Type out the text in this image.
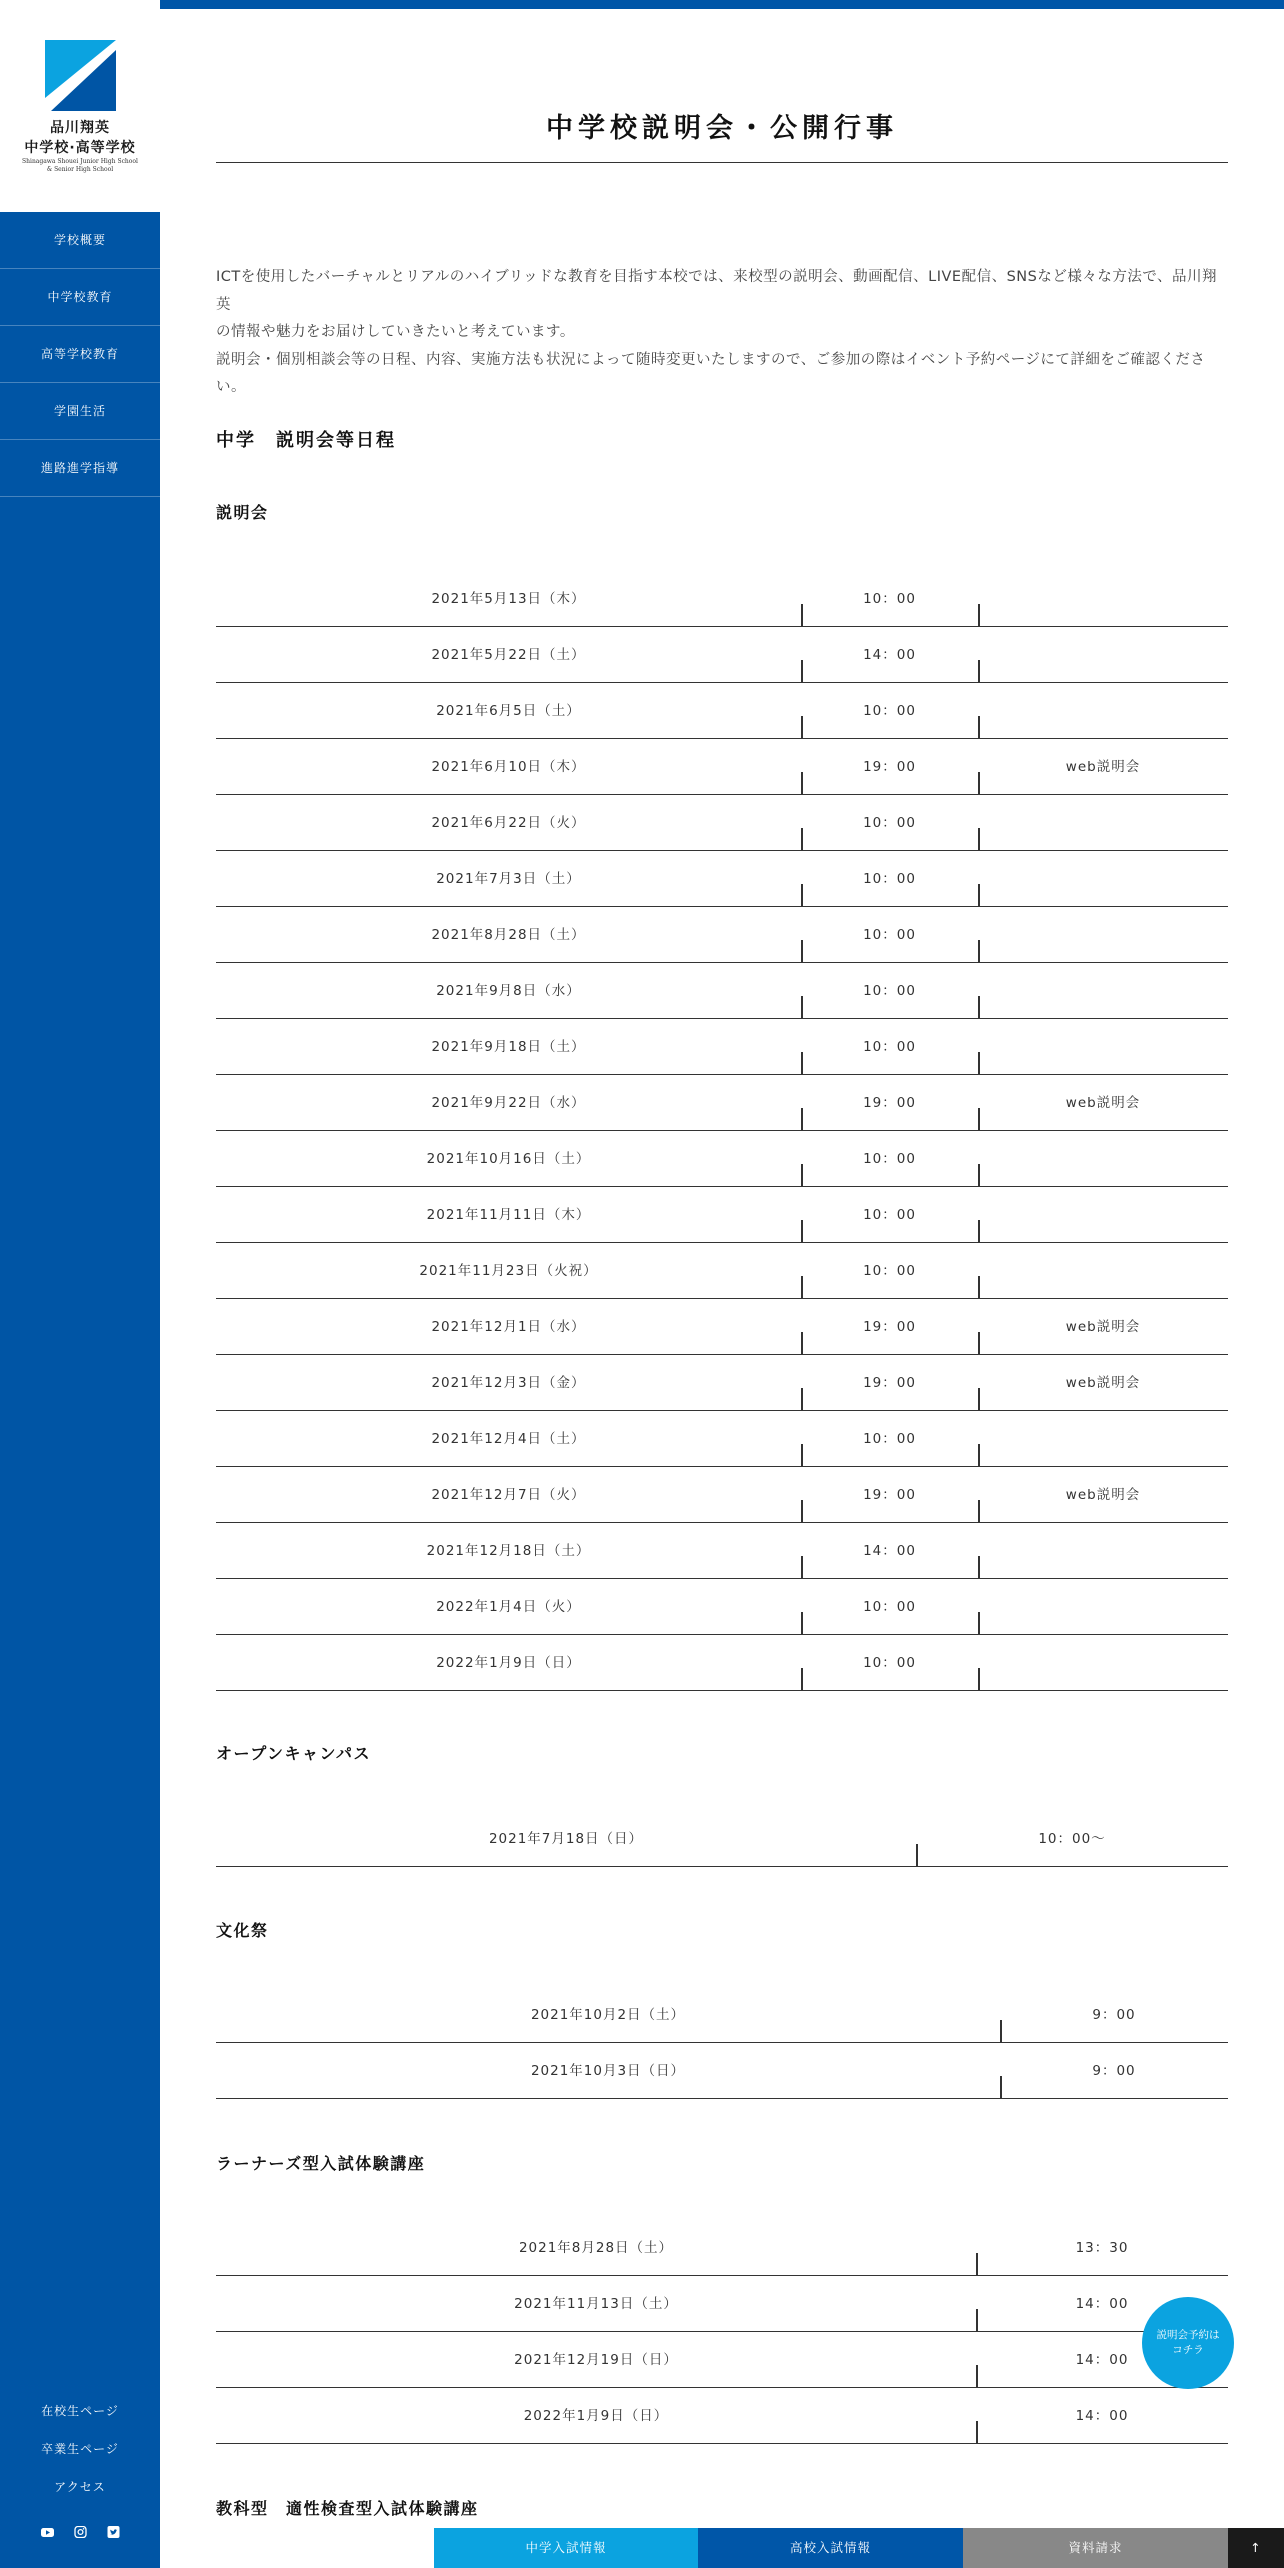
品川翔英
中学校·高等学校
Shinagawa Shouei Junior High School
& Senior High School
学校概要
中学校教育
高等学校教育
学園生活
進路進学指導
在校生ページ
卒業生ページ
アクセス
中学校説明会・公開行事
ICTを使用したバーチャルとリアルのハイブリッドな教育を目指す本校では、来校型の説明会、動画配信、LIVE配信、SNSなど様々な方法で、品川翔英
の情報や魅力をお届けしていきたいと考えています。
説明会・個別相談会等の日程、内容、実施方法も状況によって随時変更いたしますので、ご参加の際はイベント予約ページにて詳細をご確認くださ
い。
中学　説明会等日程
説明会
2021年5月13日（木）	10：00
2021年5月22日（土）	14：00
2021年6月5日（土）	10：00
2021年6月10日（木）	19：00	web説明会
2021年6月22日（火）	10：00
2021年7月3日（土）	10：00
2021年8月28日（土）	10：00
2021年9月8日（水）	10：00
2021年9月18日（土）	10：00
2021年9月22日（水）	19：00	web説明会
2021年10月16日（土）	10：00
2021年11月11日（木）	10：00
2021年11月23日（火祝）	10：00
2021年12月1日（水）	19：00	web説明会
2021年12月3日（金）	19：00	web説明会
2021年12月4日（土）	10：00
2021年12月7日（火）	19：00	web説明会
2021年12月18日（土）	14：00
2022年1月4日（火）	10：00
2022年1月9日（日）	10：00
オープンキャンパス
2021年7月18日（日）	10：00～
文化祭
2021年10月2日（土）	9：00
2021年10月3日（日）	9：00
ラーナーズ型入試体験講座
2021年8月28日（土）	13：30
2021年11月13日（土）	14：00
2021年12月19日（日）	14：00
2022年1月9日（日）	14：00
教科型　適性検査型入試体験講座
説明会予約は
コチラ
中学入試情報	高校入試情報	資料請求	↑
